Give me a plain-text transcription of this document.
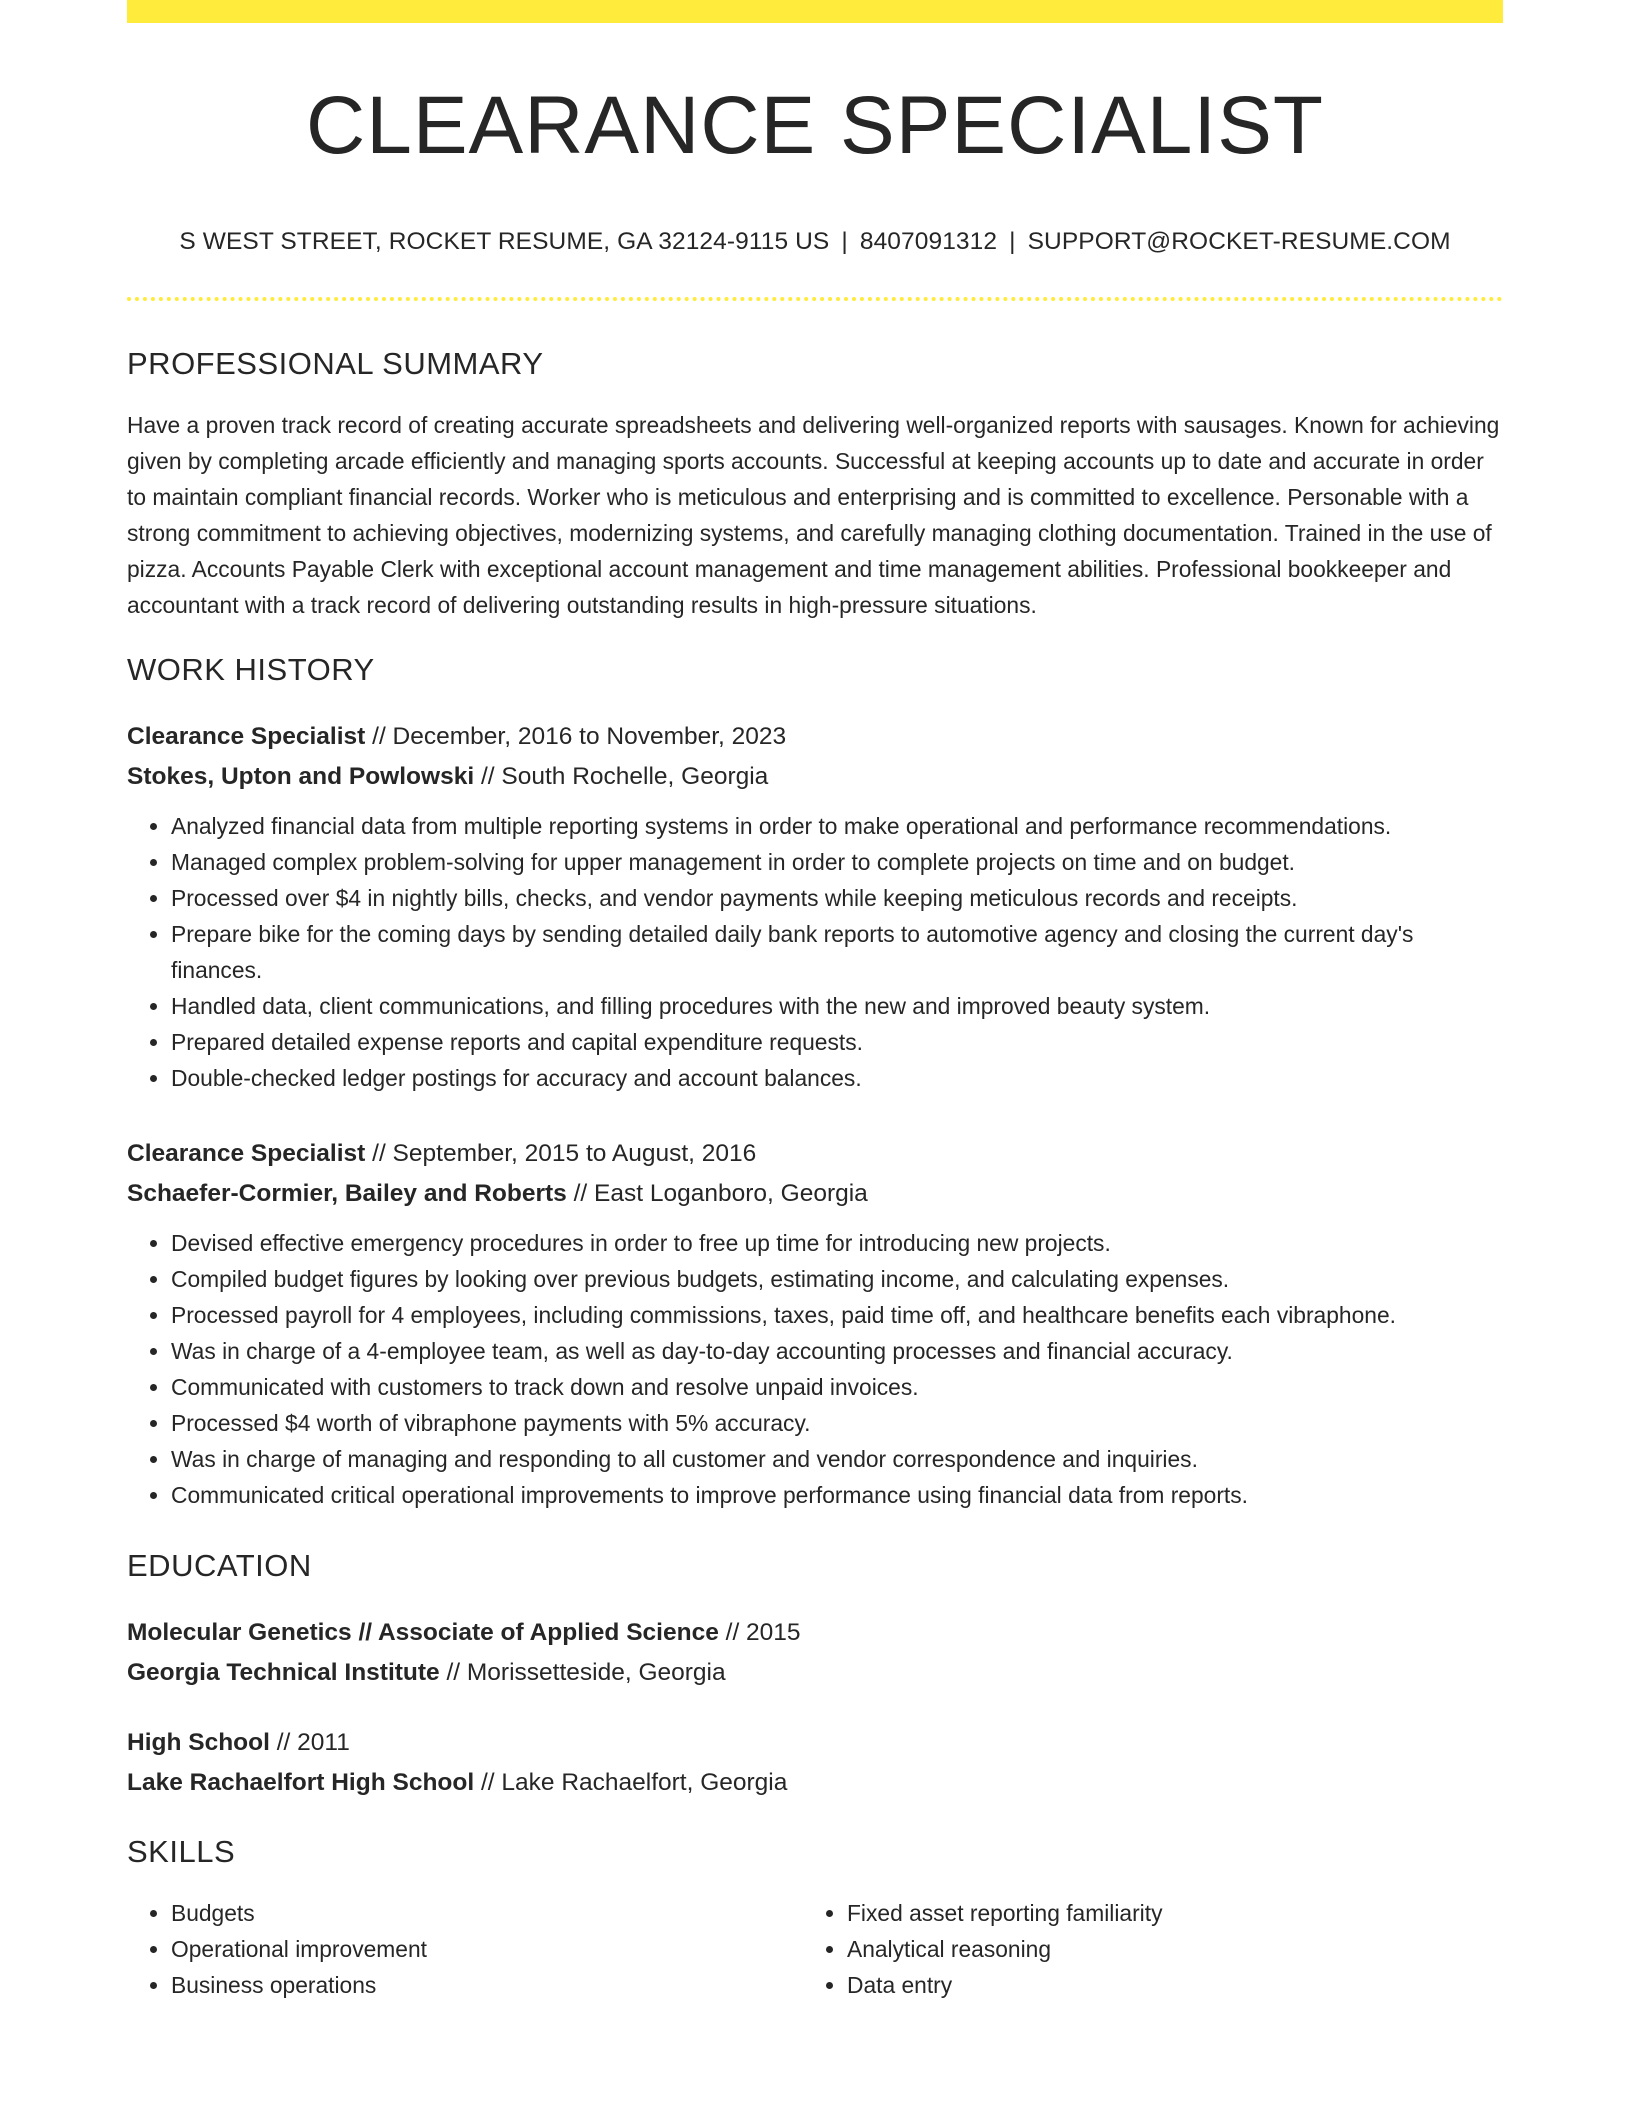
CLEARANCE SPECIALIST
S WEST STREET, ROCKET RESUME, GA 32124-9115 US | 8407091312 | SUPPORT@ROCKET-RESUME.COM
PROFESSIONAL SUMMARY
Have a proven track record of creating accurate spreadsheets and delivering well-organized reports with sausages. Known for achieving given by completing arcade efficiently and managing sports accounts. Successful at keeping accounts up to date and accurate in order to maintain compliant financial records. Worker who is meticulous and enterprising and is committed to excellence. Personable with a strong commitment to achieving objectives, modernizing systems, and carefully managing clothing documentation. Trained in the use of pizza. Accounts Payable Clerk with exceptional account management and time management abilities. Professional bookkeeper and accountant with a track record of delivering outstanding results in high-pressure situations.
WORK HISTORY
Clearance Specialist // December, 2016 to November, 2023
Stokes, Upton and Powlowski // South Rochelle, Georgia
• Analyzed financial data from multiple reporting systems in order to make operational and performance recommendations.
• Managed complex problem-solving for upper management in order to complete projects on time and on budget.
• Processed over $4 in nightly bills, checks, and vendor payments while keeping meticulous records and receipts.
• Prepare bike for the coming days by sending detailed daily bank reports to automotive agency and closing the current day's finances.
• Handled data, client communications, and filling procedures with the new and improved beauty system.
• Prepared detailed expense reports and capital expenditure requests.
• Double-checked ledger postings for accuracy and account balances.
Clearance Specialist // September, 2015 to August, 2016
Schaefer-Cormier, Bailey and Roberts // East Loganboro, Georgia
• Devised effective emergency procedures in order to free up time for introducing new projects.
• Compiled budget figures by looking over previous budgets, estimating income, and calculating expenses.
• Processed payroll for 4 employees, including commissions, taxes, paid time off, and healthcare benefits each vibraphone.
• Was in charge of a 4-employee team, as well as day-to-day accounting processes and financial accuracy.
• Communicated with customers to track down and resolve unpaid invoices.
• Processed $4 worth of vibraphone payments with 5% accuracy.
• Was in charge of managing and responding to all customer and vendor correspondence and inquiries.
• Communicated critical operational improvements to improve performance using financial data from reports.
EDUCATION
Molecular Genetics // Associate of Applied Science // 2015
Georgia Technical Institute // Morissetteside, Georgia
High School // 2011
Lake Rachaelfort High School // Lake Rachaelfort, Georgia
SKILLS
• Budgets
• Operational improvement
• Business operations
• Fixed asset reporting familiarity
• Analytical reasoning
• Data entry
